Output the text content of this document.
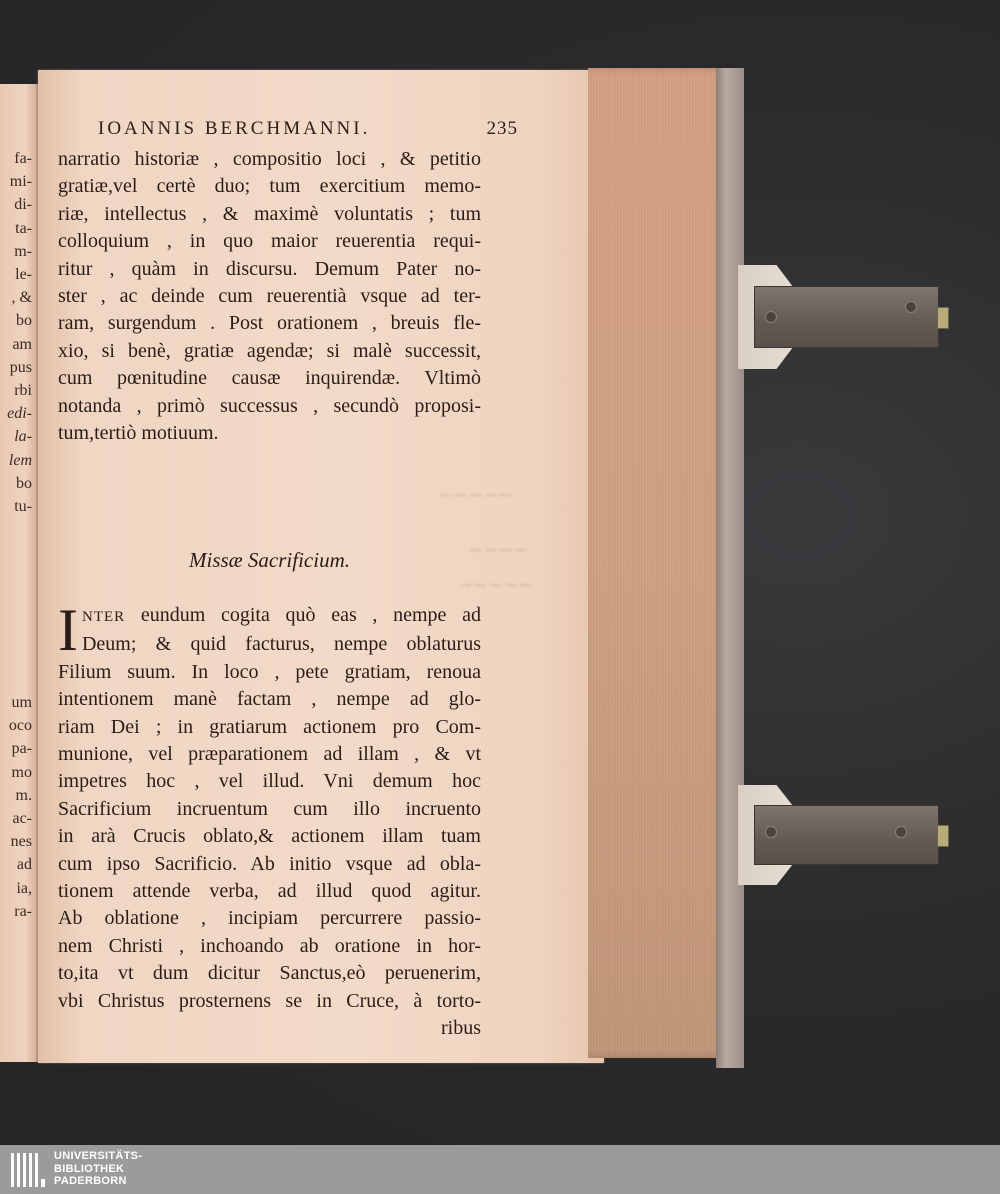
fa-
mi-
di-
ta-
m-
le-
, &
bo
am
pus
rbi
edi-
la-
lem
bo
tu-
um
oco
pa-
mo
m.
ac-
nes
ad
ia,
ra-
IOANNIS BERCHMANNI.	235
narratio historiæ , compositio loci , & petitio
gratiæ,vel certè duo; tum exercitium memo-
riæ, intellectus , & maximè voluntatis ; tum
colloquium , in quo maior reuerentia requi-
ritur , quàm in discursu. Demum Pater no-
ster , ac deinde cum reuerentià vsque ad ter-
ram, surgendum . Post orationem , breuis fle-
xio, si benè, gratiæ agendæ; si malè successit,
cum pœnitudine causæ inquirendæ. Vltimò
notanda , primò successus , secundò proposi-
tum,tertiò motiuum.
Missæ Sacrificium.
I NTER eundum cogita quò eas , nempe ad
Deum; & quid facturus, nempe oblaturus
Filium suum. In loco , pete gratiam, renoua
intentionem manè factam , nempe ad glo-
riam Dei ; in gratiarum actionem pro Com-
munione, vel præparationem ad illam , & vt
impetres hoc , vel illud. Vni demum hoc
Sacrificium incruentum cum illo incruento
in arà Crucis oblato,& actionem illam tuam
cum ipso Sacrificio. Ab initio vsque ad obla-
tionem attende verba, ad illud quod agitur.
Ab oblatione , incipiam percurrere passio-
nem Christi , inchoando ab oratione in hor-
to,ita vt dum dicitur Sanctus,eò peruenerim,
vbi Christus prosternens se in Cruce, à torto-
ribus
∼∼∼∼∼
∼∼∼∼
∼∼∼∼∼
UNIVERSITÄTS-
BIBLIOTHEK
PADERBORN
